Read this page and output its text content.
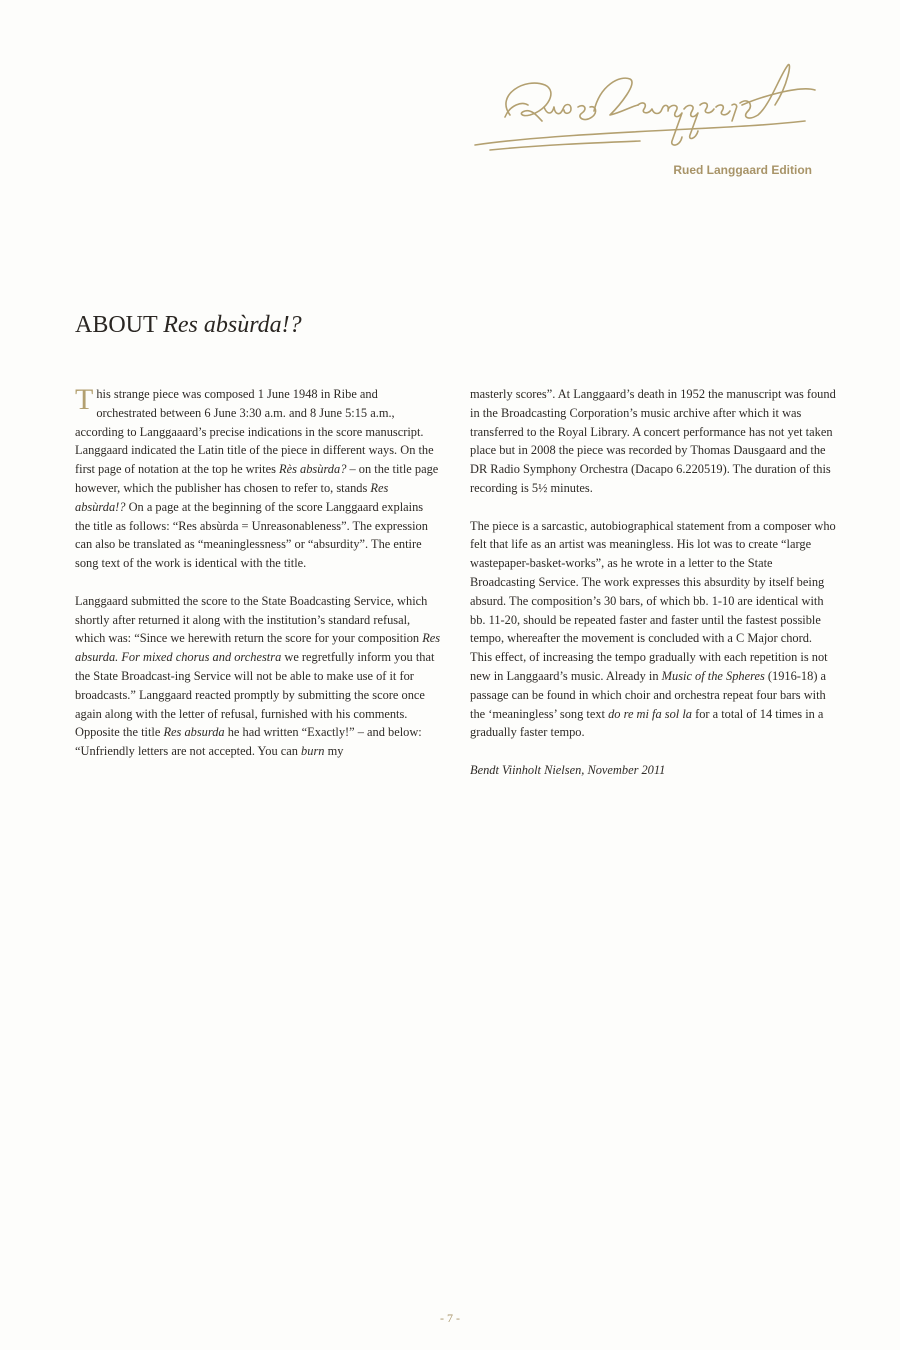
Rued Langgaard Edition
ABOUT Res absùrda!?

This strange piece was composed 1 June 1948 in Ribe and orchestrated between 6 June 3:30 a.m. and 8 June 5:15 a.m., according to Langgaaard’s precise indications in the score manuscript. Langgaard indicated the Latin title of the piece in different ways. On the first page of notation at the top he writes Rès absùrda? – on the title page however, which the publisher has chosen to refer to, stands Res absùrda!? On a page at the beginning of the score Langgaard explains the title as follows: “Res absùrda = Unreasonableness”. The expression can also be translated as “meaninglessness” or “absurdity”. The entire song text of the work is identical with the title.

Langgaard submitted the score to the State Boadcasting Service, which shortly after returned it along with the institution’s standard refusal, which was: “Since we herewith return the score for your composition Res absurda. For mixed chorus and orchestra we regretfully inform you that the State Broadcast-ing Service will not be able to make use of it for broadcasts.” Langgaard reacted promptly by submitting the score once again along with the letter of refusal, furnished with his comments. Opposite the title Res absurda he had written “Exactly!” – and below: “Unfriendly letters are not accepted. You can burn my

masterly scores”. At Langgaard’s death in 1952 the manuscript was found in the Broadcasting Corporation’s music archive after which it was transferred to the Royal Library. A concert performance has not yet taken place but in 2008 the piece was recorded by Thomas Dausgaard and the DR Radio Symphony Orchestra (Dacapo 6.220519). The duration of this recording is 5½ minutes.

The piece is a sarcastic, autobiographical statement from a composer who felt that life as an artist was meaningless. His lot was to create “large wastepaper-basket-works”, as he wrote in a letter to the State Broadcasting Service. The work expresses this absurdity by itself being absurd. The composition’s 30 bars, of which bb. 1-10 are identical with bb. 11-20, should be repeated faster and faster until the fastest possible tempo, whereafter the movement is concluded with a C Major chord. This effect, of increasing the tempo gradually with each repetition is not new in Langgaard’s music. Already in Music of the Spheres (1916-18) a passage can be found in which choir and orchestra repeat four bars with the ‘meaningless’ song text do re mi fa sol la for a total of 14 times in a gradually faster tempo.

Bendt Viinholt Nielsen, November 2011

- 7 -
